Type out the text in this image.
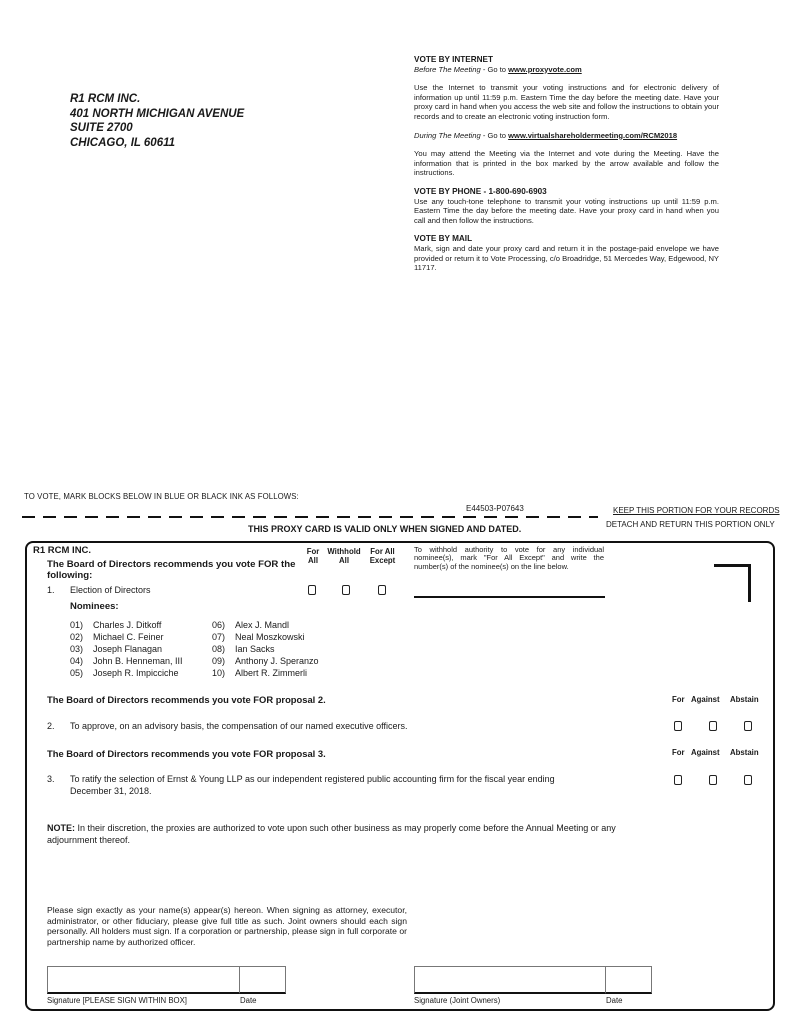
R1 RCM INC.
401 NORTH MICHIGAN AVENUE
SUITE 2700
CHICAGO, IL 60611

VOTE BY INTERNET

Before The Meeting - Go to www.proxyvote.com

Use the Internet to transmit your voting instructions and for electronic delivery of information up until 11:59 p.m. Eastern Time the day before the meeting date. Have your proxy card in hand when you access the web site and follow the instructions to obtain your records and to create an electronic voting instruction form.

During The Meeting - Go to www.virtualshareholdermeeting.com/RCM2018

You may attend the Meeting via the Internet and vote during the Meeting. Have the information that is printed in the box marked by the arrow available and follow the instructions.

VOTE BY PHONE - 1-800-690-6903

Use any touch-tone telephone to transmit your voting instructions up until 11:59 p.m. Eastern Time the day before the meeting date. Have your proxy card in hand when you call and then follow the instructions.

VOTE BY MAIL

Mark, sign and date your proxy card and return it in the postage-paid envelope we have provided or return it to Vote Processing, c/o Broadridge, 51 Mercedes Way, Edgewood, NY 11717.

TO VOTE, MARK BLOCKS BELOW IN BLUE OR BLACK INK AS FOLLOWS:
E44503-P07643	KEEP THIS PORTION FOR YOUR RECORDS
DETACH AND RETURN THIS PORTION ONLY
THIS PROXY CARD IS VALID ONLY WHEN SIGNED AND DATED.
R1 RCM INC.
The Board of Directors recommends you vote FOR the following:
For
All
Withhold
All
For All
Except
1. Election of Directors
To withhold authority to vote for any individual nominee(s), mark "For All Except" and write the number(s) of the nominee(s) on the line below.
Nominees:
01)	Charles J. Ditkoff	06)	Alex J. Mandl
02)	Michael C. Feiner	07)	Neal Moszkowski
03)	Joseph Flanagan	08)	Ian Sacks
04)	John B. Henneman, III	09)	Anthony J. Speranzo
05)	Joseph R. Impicciche	10)	Albert R. Zimmerli
The Board of Directors recommends you vote FOR proposal 2.	For Against Abstain
2. To approve, on an advisory basis, the compensation of our named executive officers.
The Board of Directors recommends you vote FOR proposal 3.	For Against Abstain
3. To ratify the selection of Ernst & Young LLP as our independent registered public accounting firm for the fiscal year ending
December 31, 2018.
NOTE: In their discretion, the proxies are authorized to vote upon such other business as may properly come before the Annual Meeting or any adjournment thereof.
Please sign exactly as your name(s) appear(s) hereon. When signing as attorney, executor, administrator, or other fiduciary, please give full title as such. Joint owners should each sign personally. All holders must sign. If a corporation or partnership, please sign in full corporate or partnership name by authorized officer.
Signature [PLEASE SIGN WITHIN BOX]	Date	Signature (Joint Owners)	Date
